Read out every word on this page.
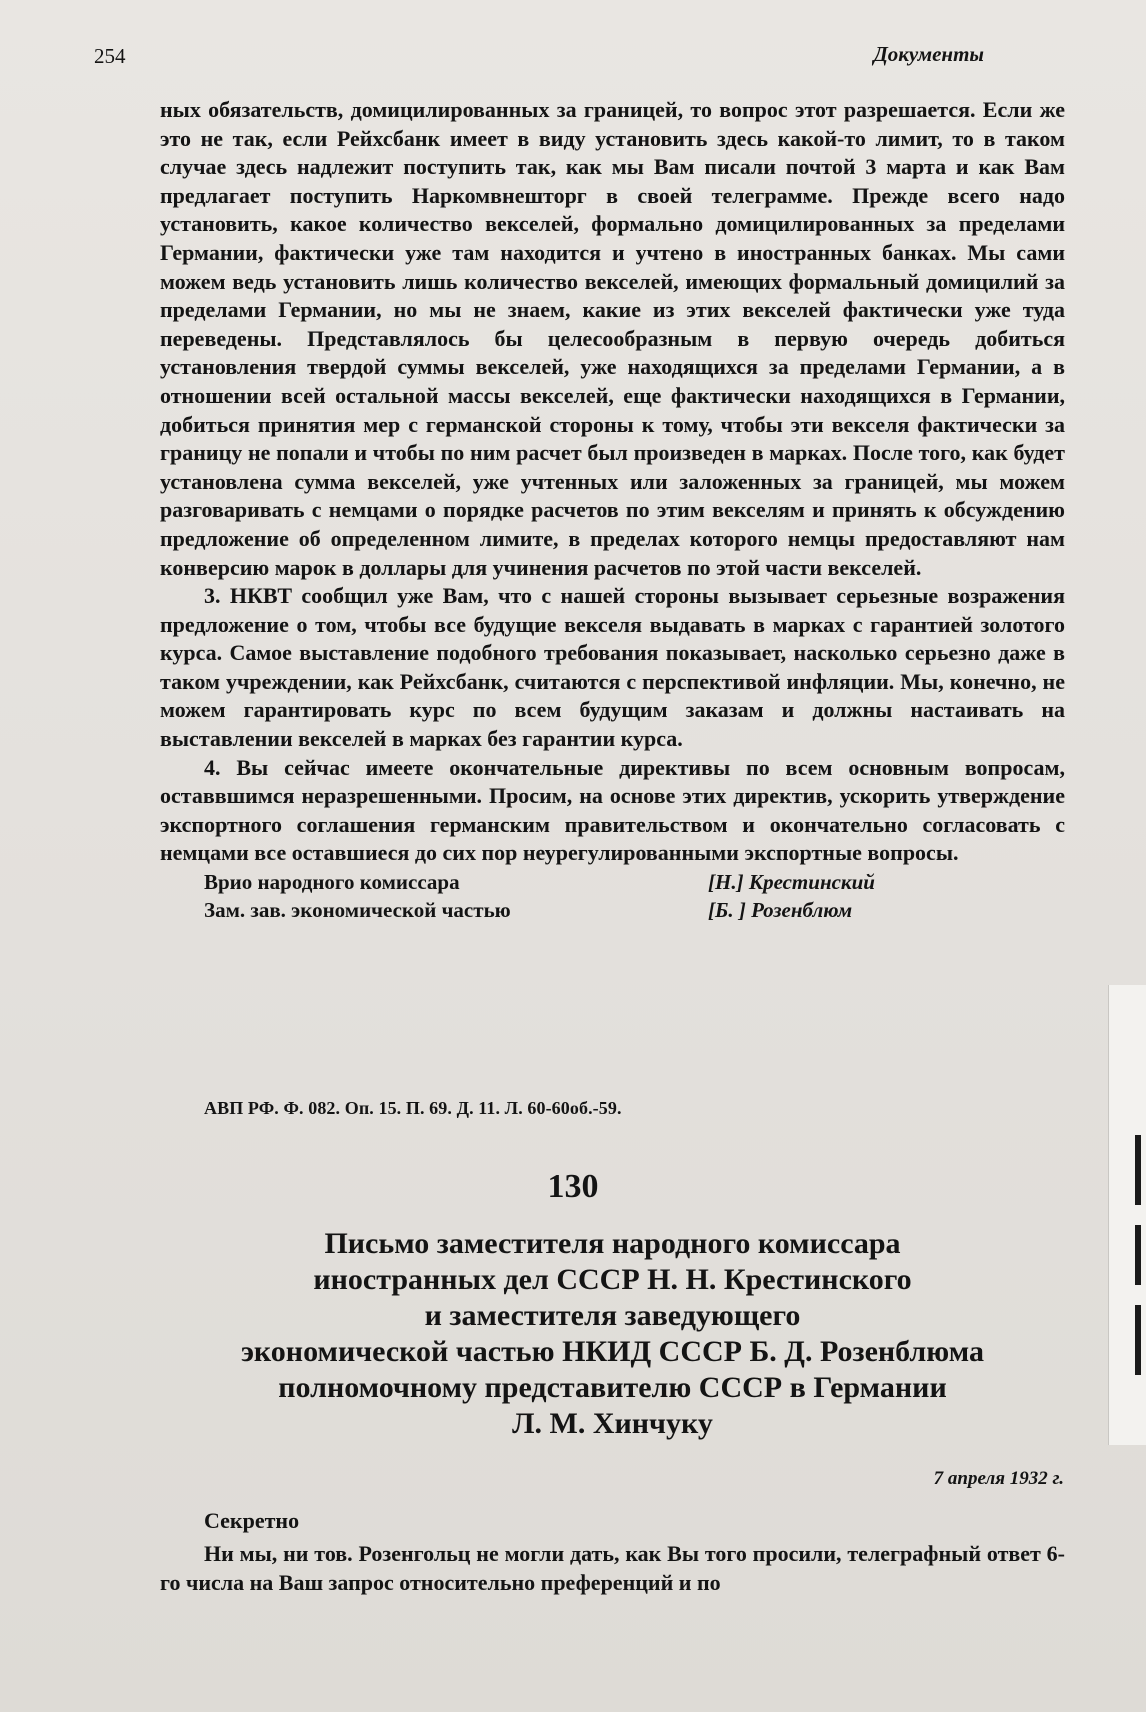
254	Документы

ных обязательств, домицилированных за границей, то вопрос этот разрешается. Если же это не так, если Рейхсбанк имеет в виду установить здесь какой-то лимит, то в таком случае здесь надлежит поступить так, как мы Вам писали почтой 3 марта и как Вам предлагает поступить Наркомвнешторг в своей телеграмме. Прежде всего надо установить, какое количество векселей, формально домицилированных за пределами Германии, фактически уже там находится и учтено в иностранных банках. Мы сами можем ведь установить лишь количество векселей, имеющих формальный домицилий за пределами Германии, но мы не знаем, какие из этих векселей фактически уже туда переведены. Представлялось бы целесообразным в первую очередь добиться установления твердой суммы векселей, уже находящихся за пределами Германии, а в отношении всей остальной массы векселей, еще фактически находящихся в Германии, добиться принятия мер с германской стороны к тому, чтобы эти векселя фактически за границу не попали и чтобы по ним расчет был произведен в марках. После того, как будет установлена сумма векселей, уже учтенных или заложенных за границей, мы можем разговаривать с немцами о порядке расчетов по этим векселям и принять к обсуждению предложение об определенном лимите, в пределах которого немцы предоставляют нам конверсию марок в доллары для учинения расчетов по этой части векселей.

3. НКВТ сообщил уже Вам, что с нашей стороны вызывает серьезные возражения предложение о том, чтобы все будущие векселя выдавать в марках с гарантией золотого курса. Самое выставление подобного требования показывает, насколько серьезно даже в таком учреждении, как Рейхсбанк, считаются с перспективой инфляции. Мы, конечно, не можем гарантировать курс по всем будущим заказам и должны настаивать на выставлении векселей в марках без гарантии курса.

4. Вы сейчас имеете окончательные директивы по всем основным вопросам, оставвшимся неразрешенными. Просим, на основе этих директив, ускорить утверждение экспортного соглашения германским правительством и окончательно согласовать с немцами все оставшиеся до сих пор неурегулированными экспортные вопросы.

Врио народного комиссара	[Н.] Крестинский
Зам. зав. экономической частью	[Б. ] Розенблюм
АВП РФ. Ф. 082. Оп. 15. П. 69. Д. 11. Л. 60-60об.-59.
130
Письмо заместителя народного комиссара
иностранных дел СССР Н. Н. Крестинского
и заместителя заведующего
экономической частью НКИД СССР Б. Д. Розенблюма
полномочному представителю СССР в Германии
Л. М. Хинчуку
7 апреля 1932 г.
Секретно

Ни мы, ни тов. Розенгольц не могли дать, как Вы того просили, телеграфный ответ 6-го числа на Ваш запрос относительно преференций и по
